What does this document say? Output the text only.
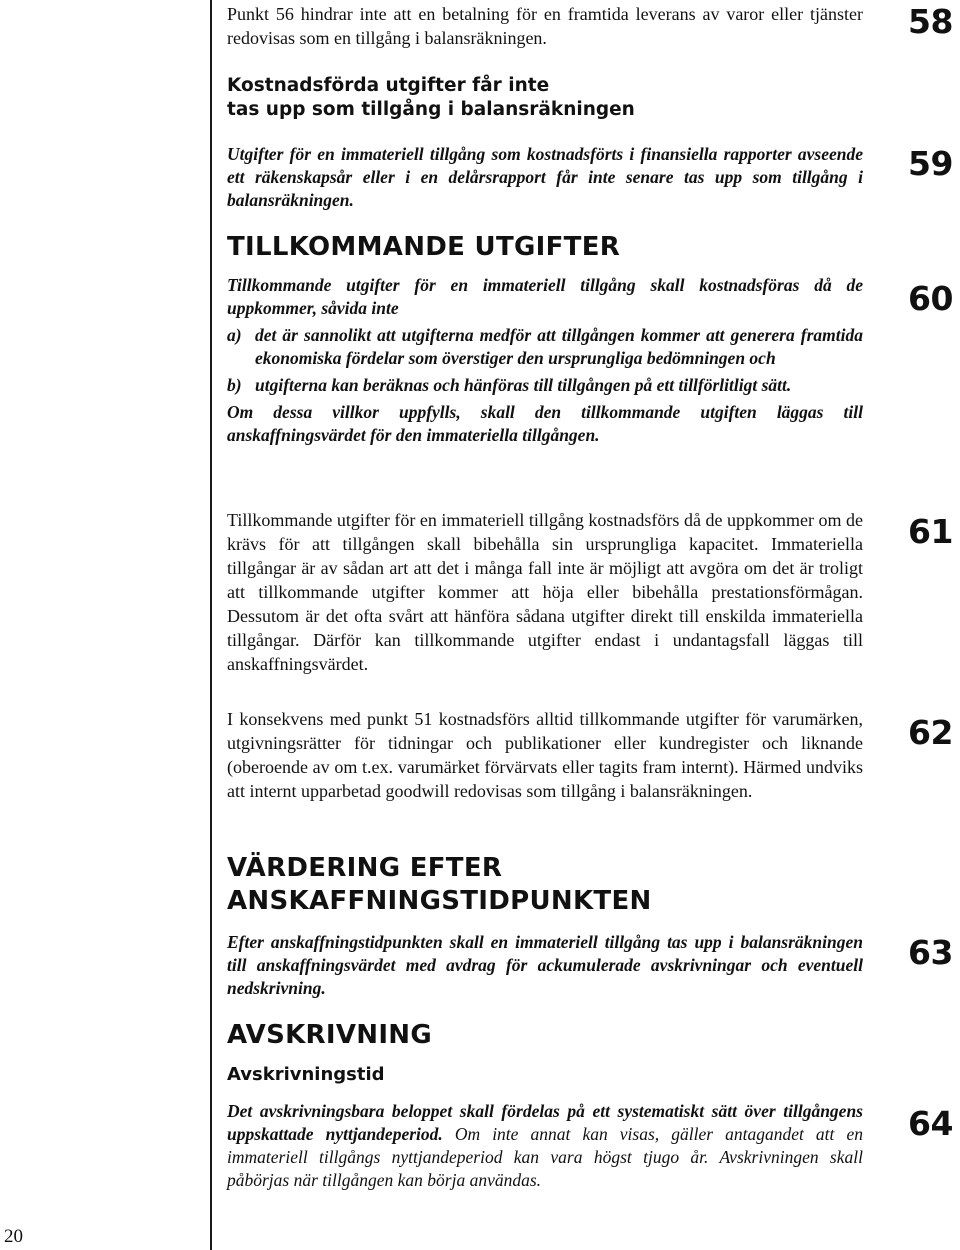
20

Punkt 56 hindrar inte att en betalning för en framtida leverans av varor eller tjänster redovisas som en tillgång i balansräkningen.

Kostnadsförda utgifter får inte

tas upp som tillgång i balansräkningen

Utgifter för en immateriell tillgång som kostnadsförts i finansiella rapporter avseende ett räkenskapsår eller i en delårsrapport får inte senare tas upp som tillgång i balansräkningen.

TILLKOMMANDE UTGIFTER

Tillkommande utgifter för en immateriell tillgång skall kostnadsföras då de uppkommer, såvida inte

a) det är sannolikt att utgifterna medför att tillgången kommer att generera framtida ekonomiska fördelar som överstiger den ursprungliga bedömningen och
b) utgifterna kan beräknas och hänföras till tillgången på ett tillförlitligt sätt.

Om dessa villkor uppfylls, skall den tillkommande utgiften läggas till anskaffningsvärdet för den immateriella tillgången.

Tillkommande utgifter för en immateriell tillgång kostnadsförs då de uppkommer om de krävs för att tillgången skall bibehålla sin ursprungliga kapacitet. Immateriella tillgångar är av sådan art att det i många fall inte är möjligt att avgöra om det är troligt att tillkommande utgifter kommer att höja eller bibehålla prestationsförmågan. Dessutom är det ofta svårt att hänföra sådana utgifter direkt till enskilda immateriella tillgångar. Därför kan tillkommande utgifter endast i undantagsfall läggas till anskaffningsvärdet.

I konsekvens med punkt 51 kostnadsförs alltid tillkommande utgifter för varumärken, utgivningsrätter för tidningar och publikationer eller kundregister och liknande (oberoende av om t.ex. varumärket förvärvats eller tagits fram internt). Härmed undviks att internt upparbetad goodwill redovisas som tillgång i balansräkningen.

VÄRDERING EFTER

ANSKAFFNINGSTIDPUNKTEN

Efter anskaffningstidpunkten skall en immateriell tillgång tas upp i balansräkningen till anskaffningsvärdet med avdrag för ackumulerade avskrivningar och eventuell nedskrivning.

AVSKRIVNING

Avskrivningstid

Det avskrivningsbara beloppet skall fördelas på ett systematiskt sätt över tillgångens uppskattade nyttjandeperiod. Om inte annat kan visas, gäller antagandet att en immateriell tillgångs nyttjandeperiod kan vara högst tjugo år. Avskrivningen skall påbörjas när tillgången kan börja användas.

58
59
60
61
62
63
64
